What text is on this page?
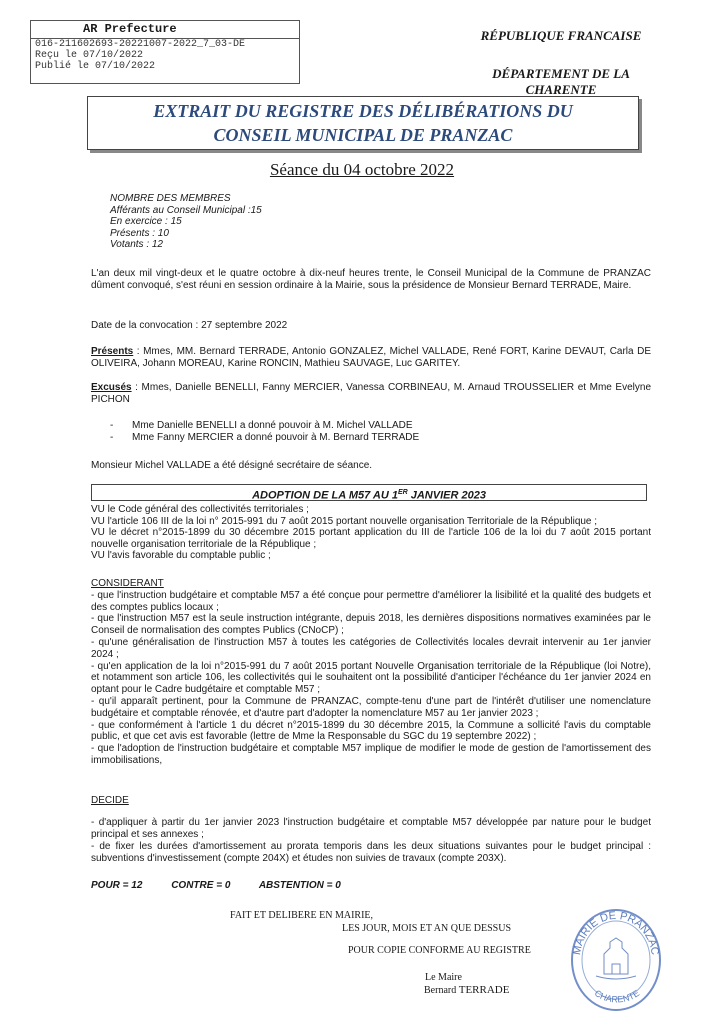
AR Prefecture
016-211602693-20221007-2022_7_03-DE
Reçu le 07/10/2022
Publié le 07/10/2022
RÉPUBLIQUE FRANCAISE
DÉPARTEMENT DE LA CHARENTE
EXTRAIT DU REGISTRE DES DÉLIBÉRATIONS DU
CONSEIL MUNICIPAL DE PRANZAC
Séance du 04 octobre 2022
NOMBRE DES MEMBRES
Afférants au Conseil Municipal :15
En exercice : 15
Présents : 10
Votants : 12
L'an deux mil vingt-deux et le quatre octobre à dix-neuf heures trente, le Conseil Municipal de la Commune de PRANZAC dûment convoqué, s'est réuni en session ordinaire à la Mairie, sous la présidence de Monsieur Bernard TERRADE, Maire.
Date de la convocation : 27 septembre 2022
Présents : Mmes, MM. Bernard TERRADE, Antonio GONZALEZ, Michel VALLADE, René FORT, Karine DEVAUT, Carla DE OLIVEIRA, Johann MOREAU, Karine RONCIN, Mathieu SAUVAGE, Luc GARITEY.
Excusés : Mmes, Danielle BENELLI, Fanny MERCIER, Vanessa CORBINEAU, M. Arnaud TROUSSELIER et Mme Evelyne PICHON
- Mme Danielle BENELLI a donné pouvoir à M. Michel VALLADE
- Mme Fanny MERCIER a donné pouvoir à M. Bernard TERRADE
Monsieur Michel VALLADE a été désigné secrétaire de séance.
ADOPTION DE LA M57 AU 1ER JANVIER 2023
VU le Code général des collectivités territoriales ;
VU l'article 106 III de la loi n° 2015-991 du 7 août 2015 portant nouvelle organisation Territoriale de la République ;
VU le décret n°2015-1899 du 30 décembre 2015 portant application du III de l'article 106 de la loi du 7 août 2015 portant nouvelle organisation territoriale de la République ;
VU l'avis favorable du comptable public ;
CONSIDERANT
- que l'instruction budgétaire et comptable M57 a été conçue pour permettre d'améliorer la lisibilité et la qualité des budgets et des comptes publics locaux ;
- que l'instruction M57 est la seule instruction intégrante, depuis 2018, les dernières dispositions normatives examinées par le Conseil de normalisation des comptes Publics (CNoCP) ;
- qu'une généralisation de l'instruction M57 à toutes les catégories de Collectivités locales devrait intervenir au 1er janvier 2024 ;
- qu'en application de la loi n°2015-991 du 7 août 2015 portant Nouvelle Organisation territoriale de la République (loi Notre), et notamment son article 106, les collectivités qui le souhaitent ont la possibilité d'anticiper l'échéance du 1er janvier 2024 en optant pour le Cadre budgétaire et comptable M57 ;
- qu'il apparaît pertinent, pour la Commune de PRANZAC, compte-tenu d'une part de l'intérêt d'utiliser une nomenclature budgétaire et comptable rénovée, et d'autre part d'adopter la nomenclature M57 au 1er janvier 2023 ;
- que conformément à l'article 1 du décret n°2015-1899 du 30 décembre 2015, la Commune a sollicité l'avis du comptable public, et que cet avis est favorable (lettre de Mme la Responsable du SGC du 19 septembre 2022) ;
- que l'adoption de l'instruction budgétaire et comptable M57 implique de modifier le mode de gestion de l'amortissement des immobilisations,
DECIDE
- d'appliquer à partir du 1er janvier 2023 l'instruction budgétaire et comptable M57 développée par nature pour le budget principal et ses annexes ;
- de fixer les durées d'amortissement au prorata temporis dans les deux situations suivantes pour le budget principal : subventions d'investissement (compte 204X) et études non suivies de travaux (compte 203X).
POUR = 12	CONTRE = 0	ABSTENTION = 0
FAIT ET DELIBERE EN MAIRIE,
LES JOUR, MOIS ET AN QUE DESSUS
POUR COPIE CONFORME AU REGISTRE
Le Maire
Bernard TERRADE
MAIRIE DE PRANZAC
CHARENTE
